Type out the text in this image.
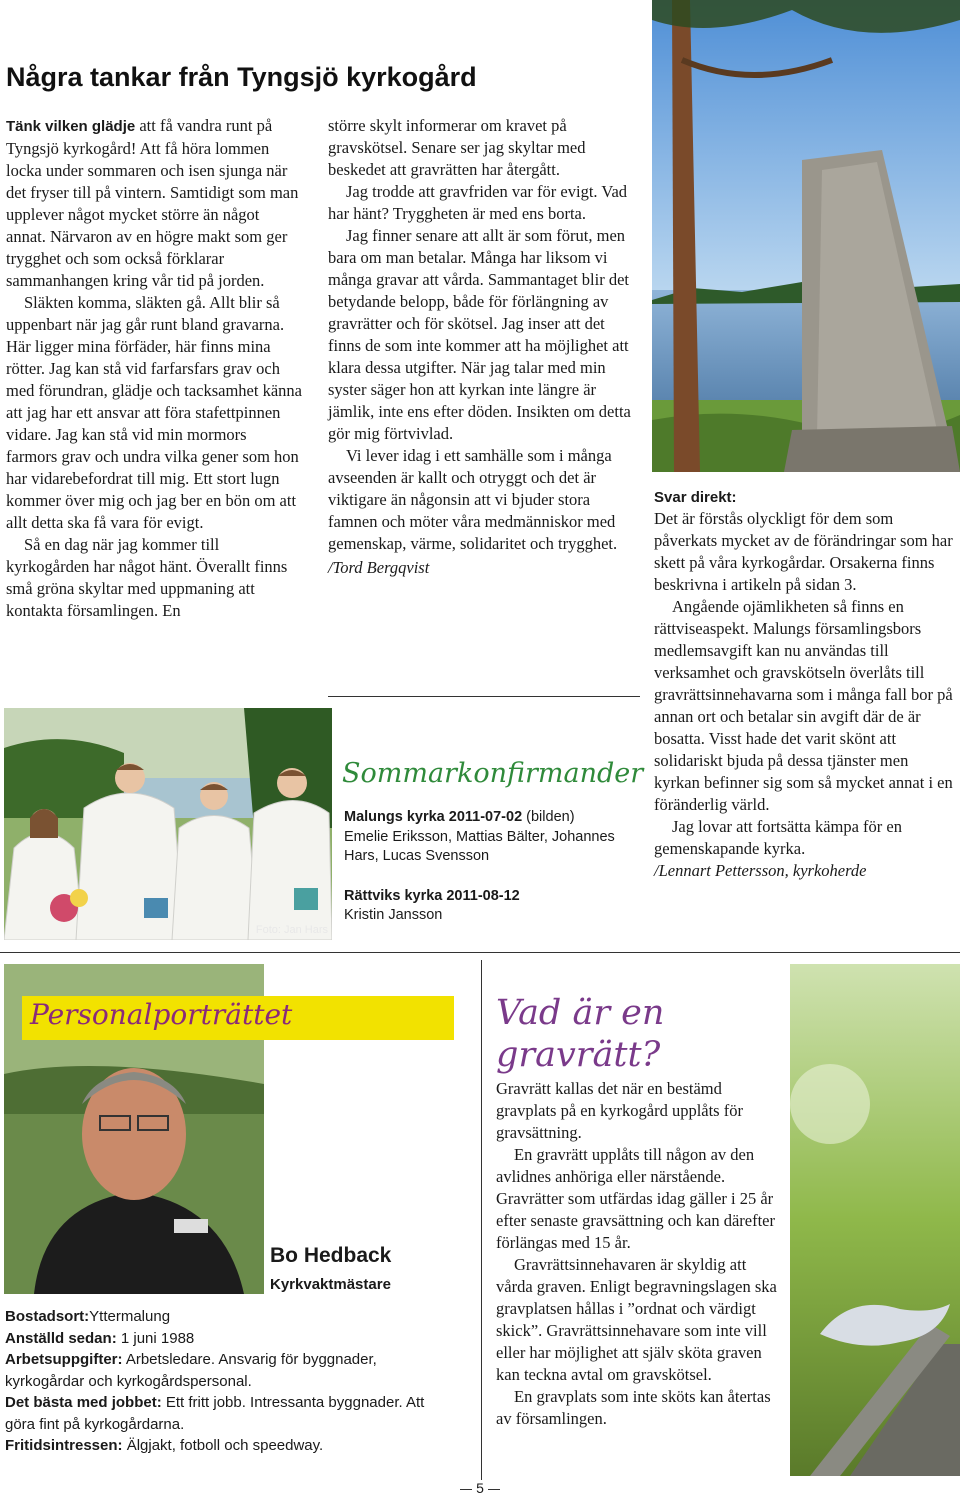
Några tankar från Tyngsjö kyrkogård

Tänk vilken glädje att få vandra runt på Tyngsjö kyrkogård! Att få höra lommen locka under sommaren och isen sjunga när det fryser till på vintern. Samtidigt som man upplever något mycket större än något annat. Närvaron av en högre makt som ger trygghet och som också förklarar sammanhangen kring vår tid på jorden.

Släkten komma, släkten gå. Allt blir så uppenbart när jag går runt bland gravarna. Här ligger mina förfäder, här finns mina rötter. Jag kan stå vid farfarsfars grav och med förundran, glädje och tacksamhet känna att jag har ett ansvar att föra stafettpinnen vidare. Jag kan stå vid min mormors farmors grav och undra vilka gener som hon har vidarebefordrat till mig. Ett stort lugn kommer över mig och jag ber en bön om att allt detta ska få vara för evigt.

Så en dag när jag kommer till kyrkogården har något hänt. Överallt finns små gröna skyltar med uppmaning att kontakta församlingen. En

större skylt informerar om kravet på gravskötsel. Senare ser jag skyltar med beskedet att gravrätten har återgått.

Jag trodde att gravfriden var för evigt. Vad har hänt? Tryggheten är med ens borta.

Jag finner senare att allt är som förut, men bara om man betalar. Många har liksom vi många gravar att vårda. Sammantaget blir det betydande belopp, både för förlängning av gravrätter och för skötsel. Jag inser att det finns de som inte kommer att ha möjlighet att klara dessa utgifter. När jag talar med min syster säger hon att kyrkan inte längre är jämlik, inte ens efter döden. Insikten om detta gör mig förtvivlad.

Vi lever idag i ett samhälle som i många avseenden är kallt och otryggt och det är viktigare än någonsin att vi bjuder stora famnen och möter våra medmänniskor med gemenskap, värme, solidaritet och trygghet.

/Tord Bergqvist

Svar direkt:

Det är förstås olyckligt för dem som påverkats mycket av de förändringar som har skett på våra kyrkogårdar. Orsakerna finns beskrivna i artikeln på sidan 3.

Angående ojämlikheten så finns en rättviseaspekt. Malungs församlingsbors medlemsavgift kan nu användas till verksamhet och gravskötseln överlåts till gravrättsinnehavarna som i många fall bor på annan ort och betalar sin avgift där de är bosatta. Visst hade det varit skönt att solidariskt bjuda på dessa tjänster men kyrkan befinner sig som så mycket annat i en föränderlig värld.

Jag lovar att fortsätta kämpa för en gemenskapande kyrka.

/Lennart Pettersson, kyrkoherde

Foto: Jan Hars
Sommarkonfirmander
Malungs kyrka 2011-07-02 (bilden)
Emelie Eriksson, Mattias Bälter, Johannes Hars, Lucas Svensson
Rättviks kyrka 2011-08-12
Kristin Jansson
Personalporträttet
Bo Hedback
Kyrkvaktmästare
Bostadsort:Yttermalung
Anställd sedan: 1 juni 1988
Arbetsuppgifter: Arbetsledare. Ansvarig för byggnader, kyrkogårdar och kyrkogårdspersonal.
Det bästa med jobbet: Ett fritt jobb. Intressanta byggnader. Att göra fint på kyrkogårdarna.
Fritidsintressen: Älgjakt, fotboll och speedway.
Vad är en gravrätt?

Gravrätt kallas det när en bestämd gravplats på en kyrkogård upplåts för gravsättning.

En gravrätt upplåts till någon av den avlidnes anhöriga eller närstående. Gravrätter som utfärdas idag gäller i 25 år efter senaste gravsättning och kan därefter förlängas med 15 år.

Gravrättsinnehavaren är skyldig att vårda graven. Enligt begravningslagen ska gravplatsen hållas i ”ordnat och värdigt skick”. Gravrättsinnehavare som inte vill eller har möjlighet att själv sköta graven kan teckna avtal om gravskötsel.

En gravplats som inte sköts kan återtas av församlingen.

5
